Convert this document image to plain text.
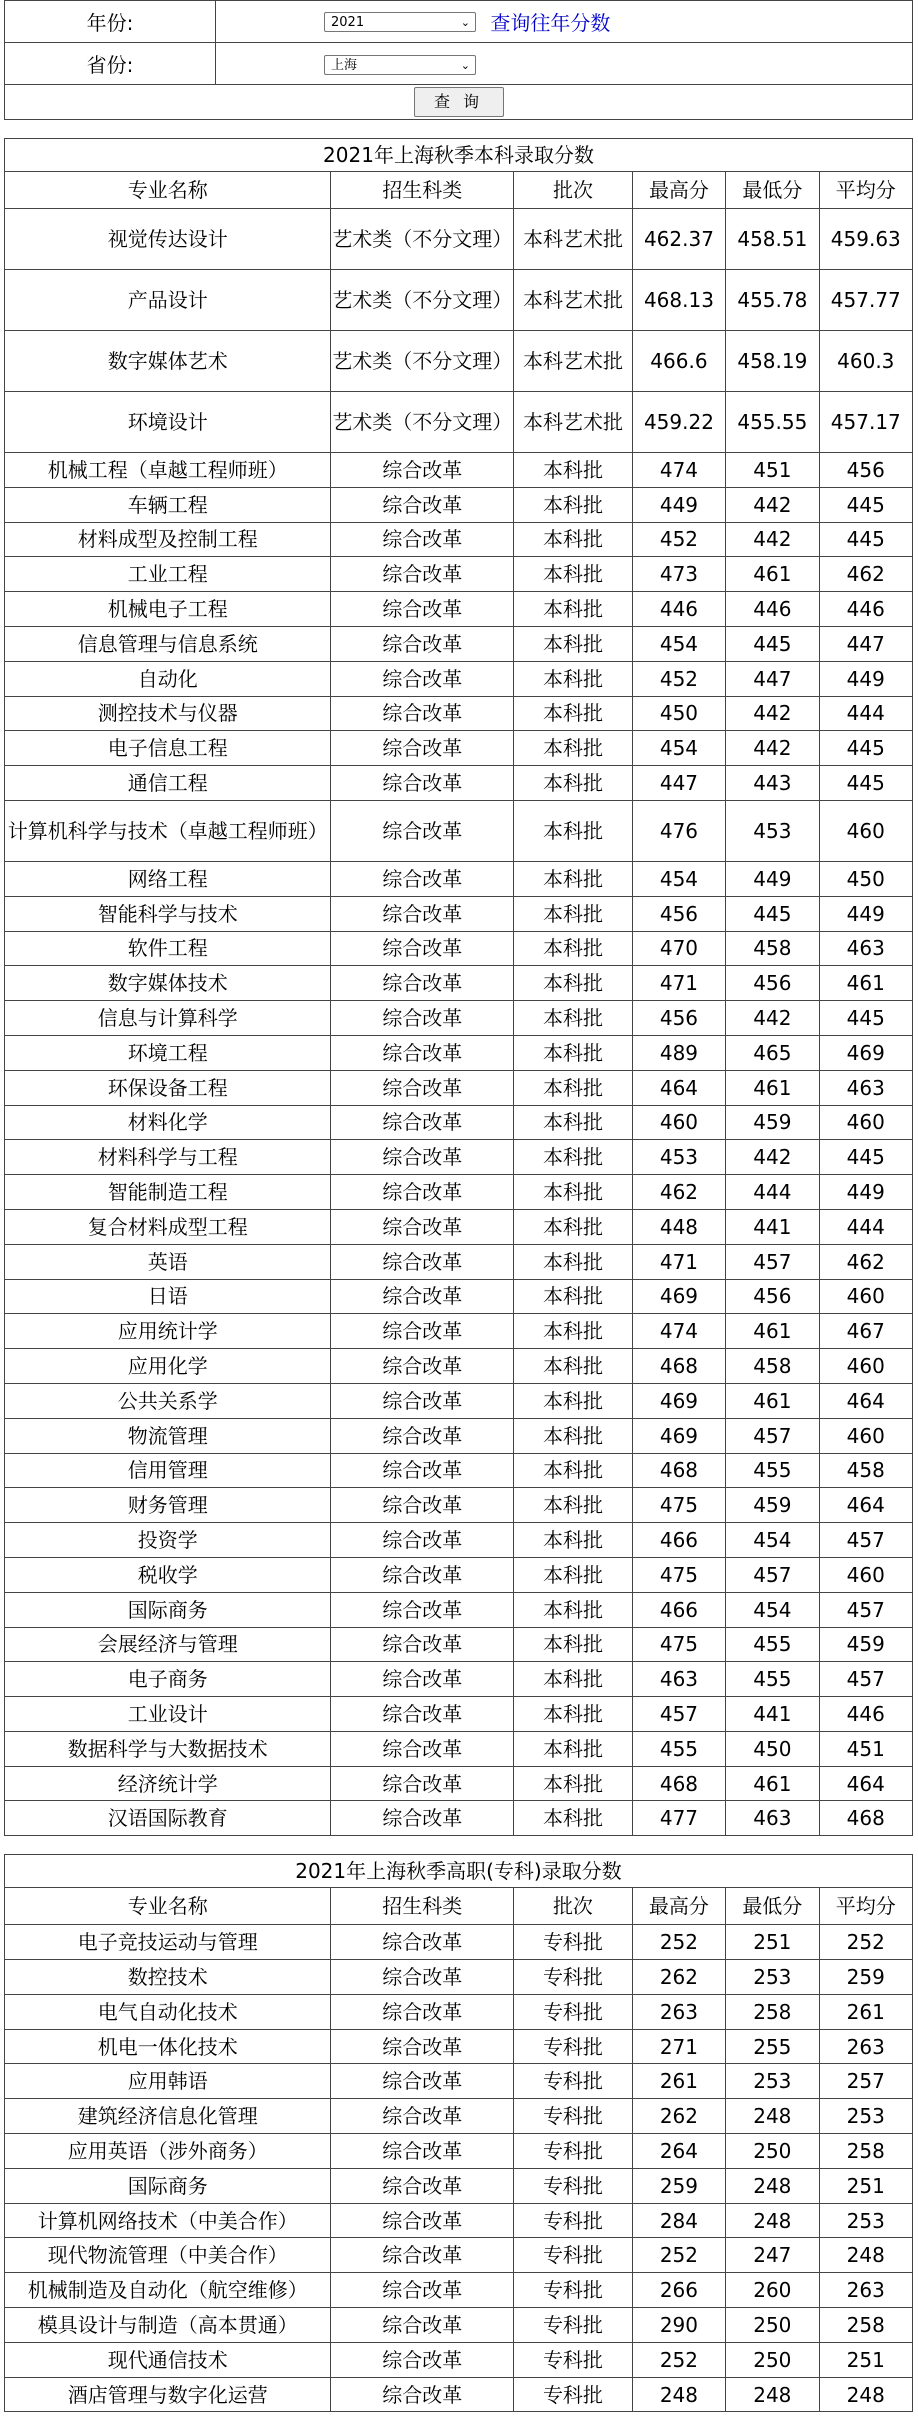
年份:	2021 ⌄ 查询往年分数
省份:	上海 ⌄

查 询	
2021年上海秋季本科录取分数					
专业名称	招生科类	批次	最高分	最低分	平均分
视觉传达设计	艺术类（不分文理）	本科艺术批	462.37	458.51	459.63
产品设计	艺术类（不分文理）	本科艺术批	468.13	455.78	457.77
数字媒体艺术	艺术类（不分文理）	本科艺术批	466.6	458.19	460.3
环境设计	艺术类（不分文理）	本科艺术批	459.22	455.55	457.17
机械工程（卓越工程师班）	综合改革	本科批	474	451	456
车辆工程	综合改革	本科批	449	442	445
材料成型及控制工程	综合改革	本科批	452	442	445
工业工程	综合改革	本科批	473	461	462
机械电子工程	综合改革	本科批	446	446	446
信息管理与信息系统	综合改革	本科批	454	445	447
自动化	综合改革	本科批	452	447	449
测控技术与仪器	综合改革	本科批	450	442	444
电子信息工程	综合改革	本科批	454	442	445
通信工程	综合改革	本科批	447	443	445
计算机科学与技术（卓越工程师班）	综合改革	本科批	476	453	460
网络工程	综合改革	本科批	454	449	450
智能科学与技术	综合改革	本科批	456	445	449
软件工程	综合改革	本科批	470	458	463
数字媒体技术	综合改革	本科批	471	456	461
信息与计算科学	综合改革	本科批	456	442	445
环境工程	综合改革	本科批	489	465	469
环保设备工程	综合改革	本科批	464	461	463
材料化学	综合改革	本科批	460	459	460
材料科学与工程	综合改革	本科批	453	442	445
智能制造工程	综合改革	本科批	462	444	449
复合材料成型工程	综合改革	本科批	448	441	444
英语	综合改革	本科批	471	457	462
日语	综合改革	本科批	469	456	460
应用统计学	综合改革	本科批	474	461	467
应用化学	综合改革	本科批	468	458	460
公共关系学	综合改革	本科批	469	461	464
物流管理	综合改革	本科批	469	457	460
信用管理	综合改革	本科批	468	455	458
财务管理	综合改革	本科批	475	459	464
投资学	综合改革	本科批	466	454	457
税收学	综合改革	本科批	475	457	460
国际商务	综合改革	本科批	466	454	457
会展经济与管理	综合改革	本科批	475	455	459
电子商务	综合改革	本科批	463	455	457
工业设计	综合改革	本科批	457	441	446
数据科学与大数据技术	综合改革	本科批	455	450	451
经济统计学	综合改革	本科批	468	461	464
汉语国际教育	综合改革	本科批	477	463	468
2021年上海秋季高职(专科)录取分数					
专业名称	招生科类	批次	最高分	最低分	平均分
电子竞技运动与管理	综合改革	专科批	252	251	252
数控技术	综合改革	专科批	262	253	259
电气自动化技术	综合改革	专科批	263	258	261
机电一体化技术	综合改革	专科批	271	255	263
应用韩语	综合改革	专科批	261	253	257
建筑经济信息化管理	综合改革	专科批	262	248	253
应用英语（涉外商务）	综合改革	专科批	264	250	258
国际商务	综合改革	专科批	259	248	251
计算机网络技术（中美合作）	综合改革	专科批	284	248	253
现代物流管理（中美合作）	综合改革	专科批	252	247	248
机械制造及自动化（航空维修）	综合改革	专科批	266	260	263
模具设计与制造（高本贯通）	综合改革	专科批	290	250	258
现代通信技术	综合改革	专科批	252	250	251
酒店管理与数字化运营	综合改革	专科批	248	248	248
